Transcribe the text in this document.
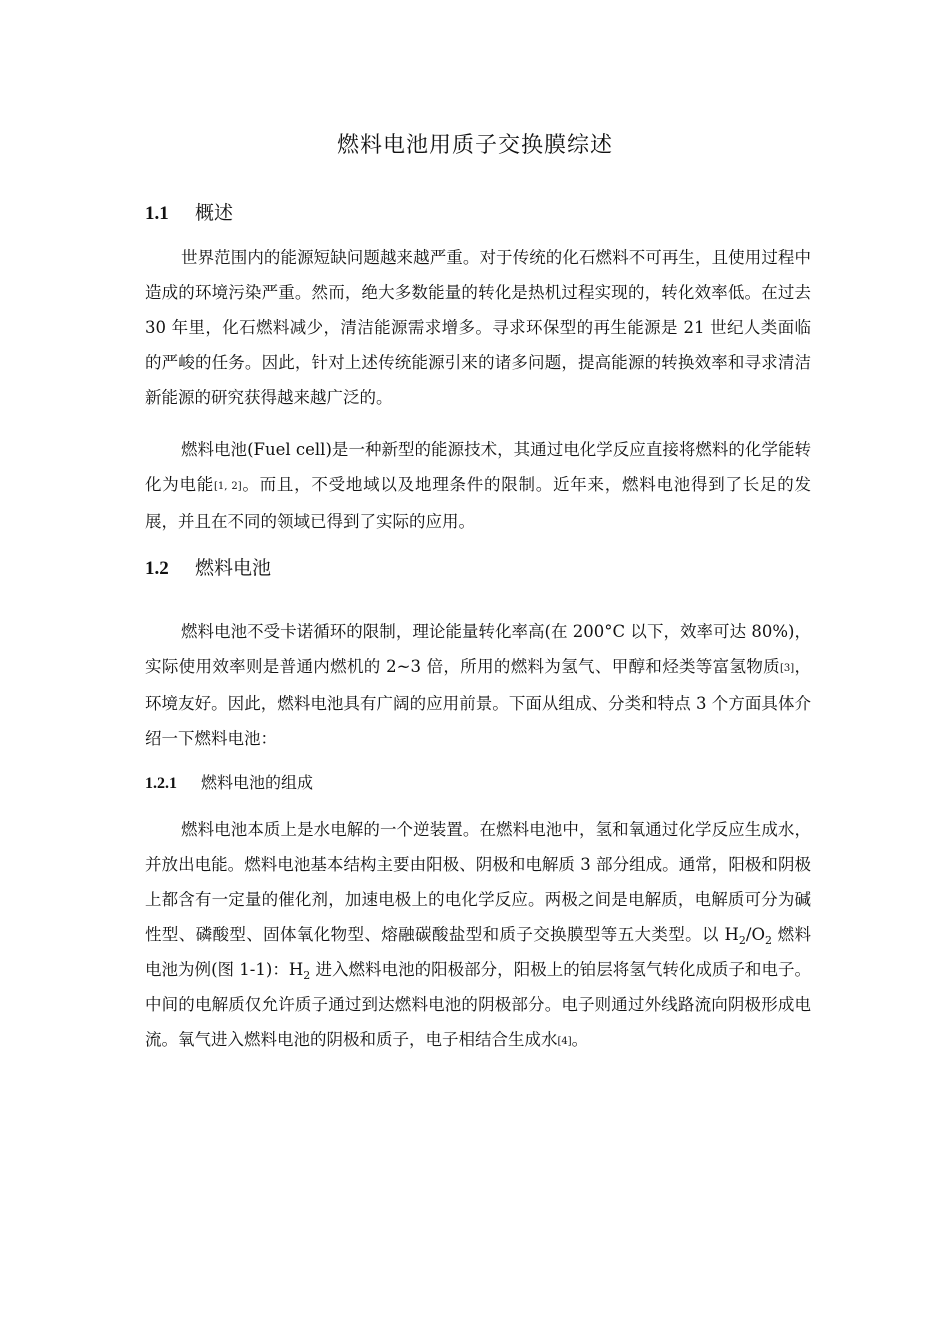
燃料电池用质子交换膜综述
1.1	概述

世界范围内的能源短缺问题越来越严重。对于传统的化石燃料不可再生，且使用过程中造成的环境污染严重。然而，绝大多数能量的转化是热机过程实现的，转化效率低。在过去 30 年里，化石燃料减少，清洁能源需求增多。寻求环保型的再生能源是 21 世纪人类面临的严峻的任务。因此，针对上述传统能源引来的诸多问题，提高能源的转换效率和寻求清洁新能源的研究获得越来越广泛的。

燃料电池(Fuel cell)是一种新型的能源技术，其通过电化学反应直接将燃料的化学能转化为电能[1, 2]。而且，不受地域以及地理条件的限制。近年来，燃料电池得到了长足的发展，并且在不同的领域已得到了实际的应用。

1.2	燃料电池

燃料电池不受卡诺循环的限制，理论能量转化率高(在 200°C 以下，效率可达 80%)，实际使用效率则是普通内燃机的 2~3 倍，所用的燃料为氢气、甲醇和烃类等富氢物质[3]，环境友好。因此，燃料电池具有广阔的应用前景。下面从组成、分类和特点 3 个方面具体介绍一下燃料电池：

1.2.1	燃料电池的组成

燃料电池本质上是水电解的一个逆装置。在燃料电池中，氢和氧通过化学反应生成水，并放出电能。燃料电池基本结构主要由阳极、阴极和电解质 3 部分组成。通常，阳极和阴极上都含有一定量的催化剂，加速电极上的电化学反应。两极之间是电解质，电解质可分为碱性型、磷酸型、固体氧化物型、熔融碳酸盐型和质子交换膜型等五大类型。以 $H_2/O_2$ 燃料电池为例(图 1-1)：$H_2$ 进入燃料电池的阳极部分，阳极上的铂层将氢气转化成质子和电子。中间的电解质仅允许质子通过到达燃料电池的阴极部分。电子则通过外线路流向阴极形成电流。氧气进入燃料电池的阴极和质子，电子相结合生成水[4]。
